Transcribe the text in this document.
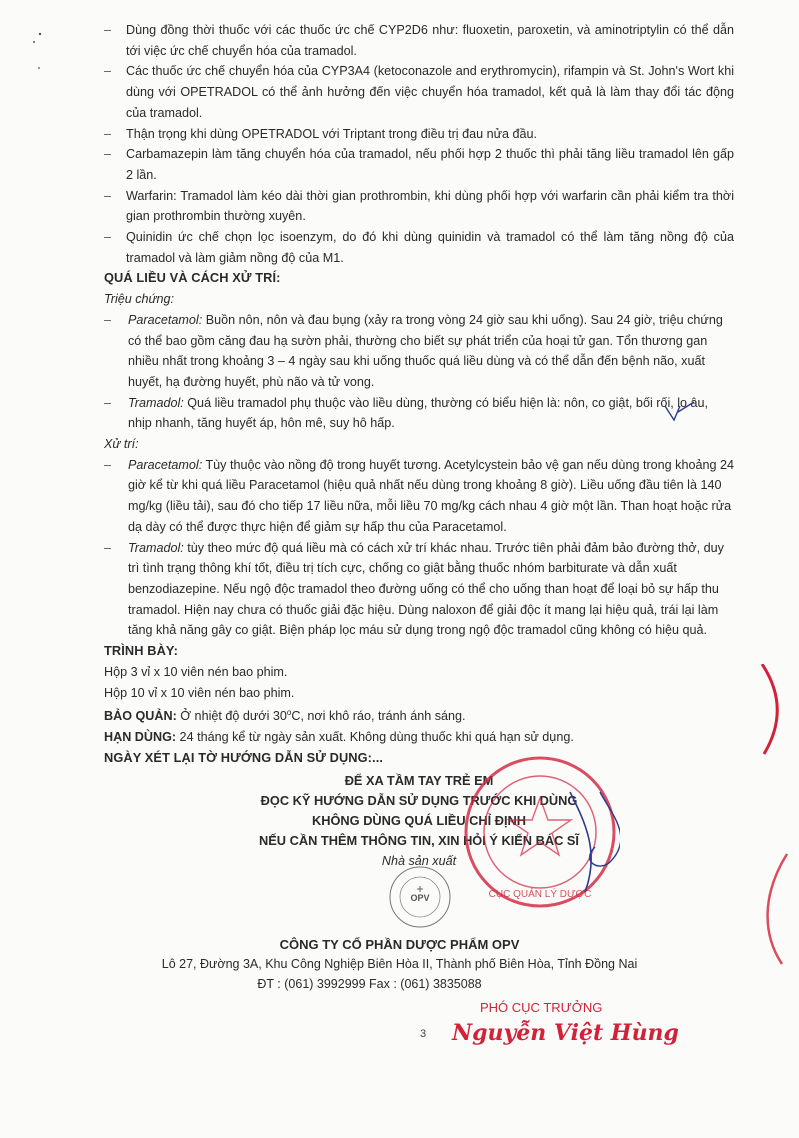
– Dùng đồng thời thuốc với các thuốc ức chế CYP2D6 như: fluoxetin, paroxetin, và aminotriptylin có thể dẫn tới việc ức chế chuyển hóa của tramadol.
– Các thuốc ức chế chuyển hóa của CYP3A4 (ketoconazole and erythromycin), rifampin và St. John's Wort khi dùng với OPETRADOL có thể ảnh hưởng đến việc chuyển hóa tramadol, kết quả là làm thay đổi tác động của tramadol.
– Thận trọng khi dùng OPETRADOL với Triptant trong điều trị đau nửa đầu.
– Carbamazepin làm tăng chuyển hóa của tramadol, nếu phối hợp 2 thuốc thì phải tăng liều tramadol lên gấp 2 lần.
– Warfarin: Tramadol làm kéo dài thời gian prothrombin, khi dùng phối hợp với warfarin cần phải kiểm tra thời gian prothrombin thường xuyên.
– Quinidin ức chế chọn lọc isoenzym, do đó khi dùng quinidin và tramadol có thể làm tăng nồng độ của tramadol và làm giảm nồng độ của M1.
QUÁ LIỀU VÀ CÁCH XỬ TRÍ:
Triệu chứng:
– Paracetamol: Buồn nôn, nôn và đau bụng (xảy ra trong vòng 24 giờ sau khi uống). Sau 24 giờ, triệu chứng có thể bao gồm căng đau hạ sườn phải, thường cho biết sự phát triển của hoại tử gan. Tổn thương gan nhiều nhất trong khoảng 3 – 4 ngày sau khi uống thuốc quá liều dùng và có thể dẫn đến bệnh não, xuất huyết, hạ đường huyết, phù não và tử vong.
– Tramadol: Quá liều tramadol phụ thuộc vào liều dùng, thường có biểu hiện là: nôn, co giật, bối rối, lo âu, nhịp nhanh, tăng huyết áp, hôn mê, suy hô hấp.
Xử trí:
– Paracetamol: Tùy thuộc vào nồng độ trong huyết tương. Acetylcystein bảo vệ gan nếu dùng trong khoảng 24 giờ kể từ khi quá liều Paracetamol (hiệu quả nhất nếu dùng trong khoảng 8 giờ). Liều uống đầu tiên là 140 mg/kg (liều tải), sau đó cho tiếp 17 liều nữa, mỗi liều 70 mg/kg cách nhau 4 giờ một lần. Than hoạt hoặc rửa dạ dày có thể được thực hiện để giảm sự hấp thu của Paracetamol.
– Tramadol: tùy theo mức độ quá liều mà có cách xử trí khác nhau. Trước tiên phải đảm bảo đường thở, duy trì tình trạng thông khí tốt, điều trị tích cực, chống co giật bằng thuốc nhóm barbiturate và dẫn xuất benzodiazepine. Nếu ngộ độc tramadol theo đường uống có thể cho uống than hoạt để loại bỏ sự hấp thu tramadol. Hiện nay chưa có thuốc giải đặc hiệu. Dùng naloxon để giải độc ít mang lại hiệu quả, trái lại làm tăng khả năng gây co giật. Biện pháp lọc máu sử dụng trong ngộ độc tramadol cũng không có hiệu quả.
TRÌNH BÀY:
Hộp 3 vỉ x 10 viên nén bao phim.
Hộp 10 vỉ x 10 viên nén bao phim.
BẢO QUẢN: Ở nhiệt độ dưới 30$^o$C, nơi khô ráo, tránh ánh sáng.
HẠN DÙNG: 24 tháng kể từ ngày sản xuất. Không dùng thuốc khi quá hạn sử dụng.
NGÀY XÉT LẠI TỜ HƯỚNG DẪN SỬ DỤNG:...
ĐỂ XA TẦM TAY TRẺ EM
ĐỌC KỸ HƯỚNG DẪN SỬ DỤNG TRƯỚC KHI DÙNG
KHÔNG DÙNG QUÁ LIỀU CHỈ ĐỊNH
NẾU CẦN THÊM THÔNG TIN, XIN HỎI Ý KIẾN BÁC SĨ
Nhà sản xuất
CỤC QUẢN LÝ DƯỢC
OPV
CÔNG TY CỔ PHẦN DƯỢC PHẨM OPV
Lô 27, Đường 3A, Khu Công Nghiệp Biên Hòa II, Thành phố Biên Hòa, Tỉnh Đồng Nai
ĐT : (061) 3992999 Fax : (061) 3835088
3
PHÓ CỤC TRƯỞNG
Nguyễn Việt Hùng
